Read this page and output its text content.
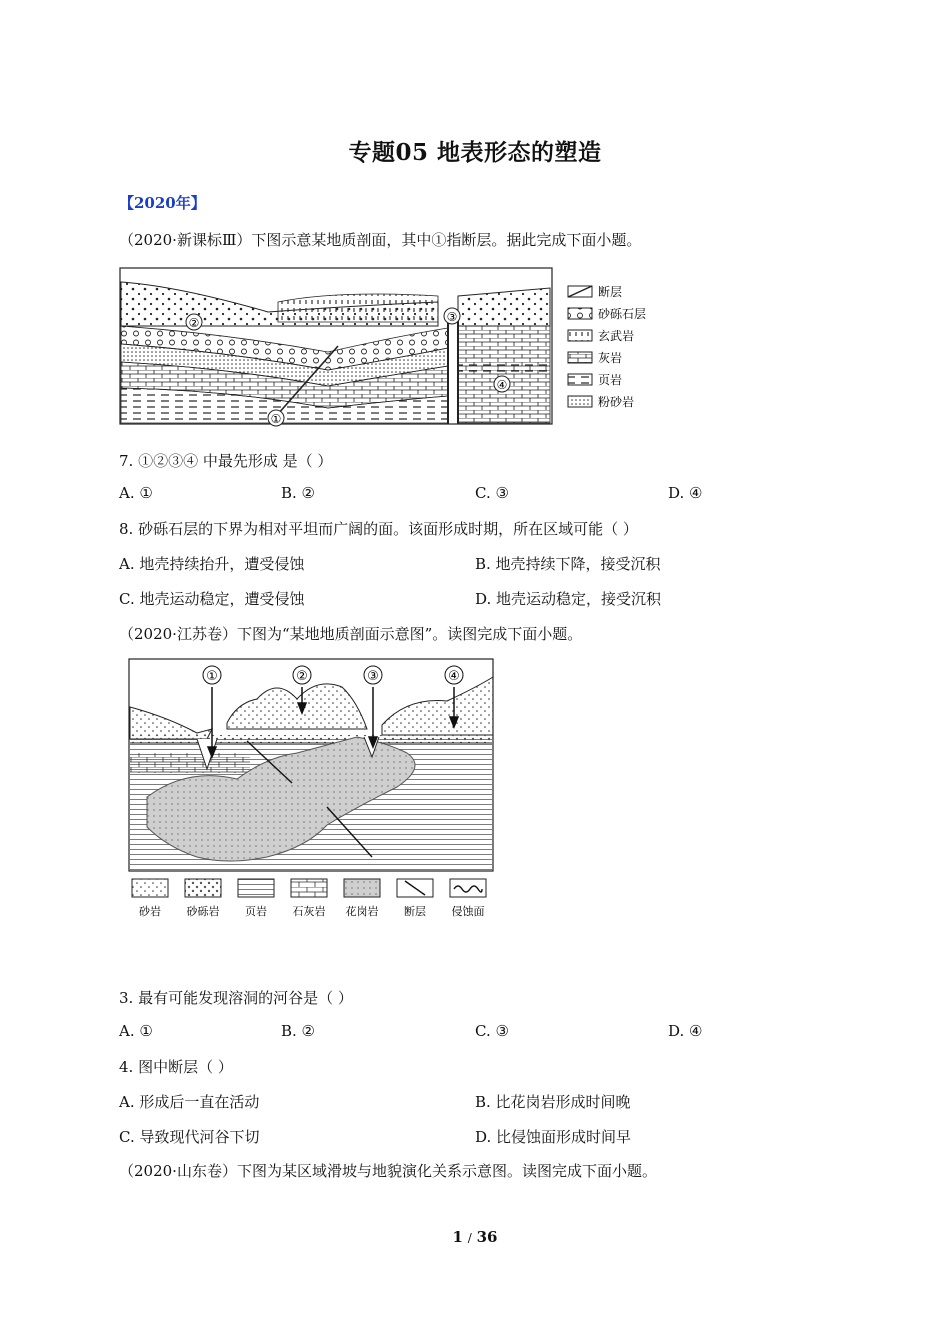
专题05 地表形态的塑造
【2020年】
（2020·新课标Ⅲ）下图示意某地质剖面，其中①指断层。据此完成下面小题。
①
②	③
④
断层
砂砾石层
玄武岩
灰岩
页岩
粉砂岩
7. ①②③④ 中最先形成 是（ ）
A. ①	B. ②	C. ③	D. ④
8. 砂砾石层的下界为相对平坦而广阔的面。该面形成时期，所在区域可能（ ）
A. 地壳持续抬升，遭受侵蚀	B. 地壳持续下降，接受沉积
C. 地壳运动稳定，遭受侵蚀	D. 地壳运动稳定，接受沉积
（2020·江苏卷）下图为“某地地质剖面示意图”。读图完成下面小题。
①	②	③	④
砂岩 砂砾岩 页岩 石灰岩 花岗岩 断层 侵蚀面
3. 最有可能发现溶洞的河谷是（ ）
A. ①	B. ②	C. ③	D. ④
4. 图中断层（ ）
A. 形成后一直在活动	B. 比花岗岩形成时间晚
C. 导致现代河谷下切	D. 比侵蚀面形成时间早
（2020·山东卷）下图为某区域滑坡与地貌演化关系示意图。读图完成下面小题。
1 / 36
